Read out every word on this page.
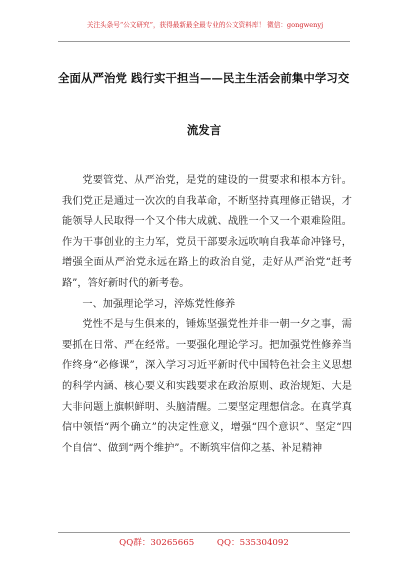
关注头条号“公文研究”，获得最新最全最专业的公文资料库！ 微信：gongwenyj
全面从严治党 践行实干担当——民主生活会前集中学习交
流发言

党要管党、从严治党，是党的建设的一贯要求和根本方针。我们党正是通过一次次的自我革命，不断坚持真理修正错误，才能领导人民取得一个又个伟大成就、战胜一个又一个艰难险阻。作为干事创业的主力军，党员干部要永远吹响自我革命冲锋号，增强全面从严治党永远在路上的政治自觉，走好从严治党“赶考路”，答好新时代的新考卷。

一、加强理论学习，淬炼党性修养

党性不是与生俱来的，锤炼坚强党性并非一朝一夕之事，需要抓在日常、严在经常。一要强化理论学习。把加强党性修养当作终身“必修课”，深入学习习近平新时代中国特色社会主义思想的科学内涵、核心要义和实践要求在政治原则、政治规矩、大是大非问题上旗帜鲜明、头脑清醒。二要坚定理想信念。在真学真信中领悟“两个确立”的决定性意义，增强“四个意识”、坚定“四个自信”、做到“两个维护”。不断筑牢信仰之基、补足精神

QQ群：30265665	QQ：535304092
